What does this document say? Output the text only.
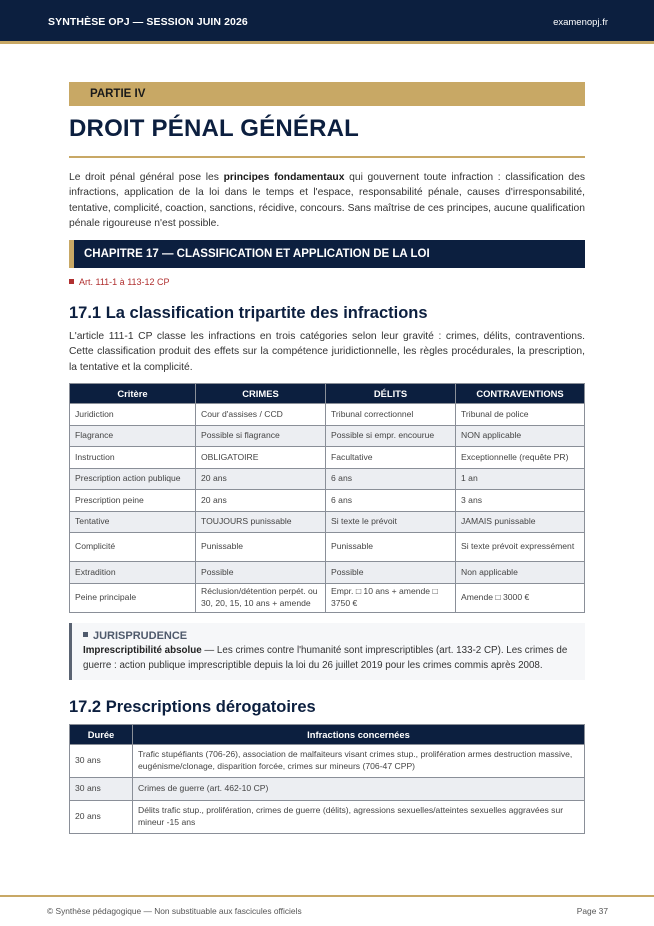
SYNTHÈSE OPJ — SESSION JUIN 2026	examenopj.fr
PARTIE IV
DROIT PÉNAL GÉNÉRAL

Le droit pénal général pose les principes fondamentaux qui gouvernent toute infraction : classification des infractions, application de la loi dans le temps et l'espace, responsabilité pénale, causes d'irresponsabilité, tentative, complicité, coaction, sanctions, récidive, concours. Sans maîtrise de ces principes, aucune qualification pénale rigoureuse n'est possible.

CHAPITRE 17 — CLASSIFICATION ET APPLICATION DE LA LOI
Art. 111-1 à 113-12 CP
17.1 La classification tripartite des infractions

L'article 111-1 CP classe les infractions en trois catégories selon leur gravité : crimes, délits, contraventions. Cette classification produit des effets sur la compétence juridictionnelle, les règles procédurales, la prescription, la tentative et la complicité.

Critère	CRIMES	DÉLITS	CONTRAVENTIONS
Juridiction	Cour d'assises / CCD	Tribunal correctionnel	Tribunal de police
Flagrance	Possible si flagrance	Possible si empr. encourue	NON applicable
Instruction	OBLIGATOIRE	Facultative	Exceptionnelle (requête PR)
Prescription action publique	20 ans	6 ans	1 an
Prescription peine	20 ans	6 ans	3 ans
Tentative	TOUJOURS punissable	Si texte le prévoit	JAMAIS punissable
Complicité	Punissable	Punissable	Si texte prévoit expressément
Extradition	Possible	Possible	Non applicable
Peine principale	Réclusion/détention perpét. ou 30, 20, 15, 10 ans + amende	Empr. □ 10 ans + amende □ 3750 €	Amende □ 3000 €
JURISPRUDENCE
Imprescriptibilité absolue — Les crimes contre l'humanité sont imprescriptibles (art. 133-2 CP). Les crimes de guerre : action publique imprescriptible depuis la loi du 26 juillet 2019 pour les crimes commis après 2008.
17.2 Prescriptions dérogatoires
Durée	Infractions concernées
30 ans	Trafic stupéfiants (706-26), association de malfaiteurs visant crimes stup., prolifération armes destruction massive, eugénisme/clonage, disparition forcée, crimes sur mineurs (706-47 CPP)
30 ans	Crimes de guerre (art. 462-10 CP)
20 ans	Délits trafic stup., prolifération, crimes de guerre (délits), agressions sexuelles/atteintes sexuelles aggravées sur mineur -15 ans
© Synthèse pédagogique — Non substituable aux fascicules officiels	Page 37
